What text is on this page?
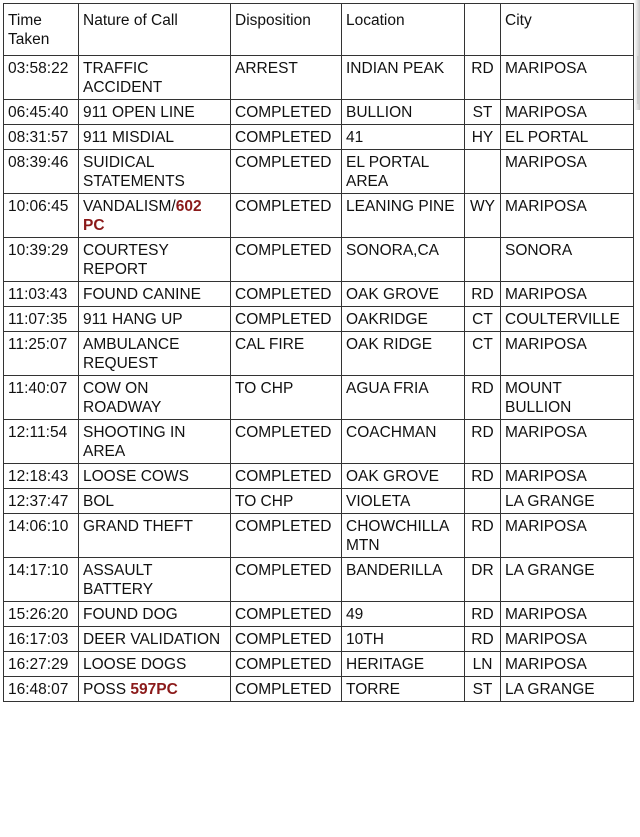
Time Taken	Nature of Call	Disposition	Location		City
03:58:22	TRAFFIC ACCIDENT	ARREST	INDIAN PEAK	RD	MARIPOSA
06:45:40	911 OPEN LINE	COMPLETED	BULLION	ST	MARIPOSA
08:31:57	911 MISDIAL	COMPLETED	41	HY	EL PORTAL
08:39:46	SUIDICAL STATEMENTS	COMPLETED	EL PORTAL AREA		MARIPOSA
10:06:45	VANDALISM/602 PC	COMPLETED	LEANING PINE	WY	MARIPOSA
10:39:29	COURTESY REPORT	COMPLETED	SONORA,CA		SONORA
11:03:43	FOUND CANINE	COMPLETED	OAK GROVE	RD	MARIPOSA
11:07:35	911 HANG UP	COMPLETED	OAKRIDGE	CT	COULTERVILLE
11:25:07	AMBULANCE REQUEST	CAL FIRE	OAK RIDGE	CT	MARIPOSA
11:40:07	COW ON ROADWAY	TO CHP	AGUA FRIA	RD	MOUNT BULLION
12:11:54	SHOOTING IN AREA	COMPLETED	COACHMAN	RD	MARIPOSA
12:18:43	LOOSE COWS	COMPLETED	OAK GROVE	RD	MARIPOSA
12:37:47	BOL	TO CHP	VIOLETA		LA GRANGE
14:06:10	GRAND THEFT	COMPLETED	CHOWCHILLA MTN	RD	MARIPOSA
14:17:10	ASSAULT BATTERY	COMPLETED	BANDERILLA	DR	LA GRANGE
15:26:20	FOUND DOG	COMPLETED	49	RD	MARIPOSA
16:17:03	DEER VALIDATION	COMPLETED	10TH	RD	MARIPOSA
16:27:29	LOOSE DOGS	COMPLETED	HERITAGE	LN	MARIPOSA
16:48:07	POSS 597PC	COMPLETED	TORRE	ST	LA GRANGE
